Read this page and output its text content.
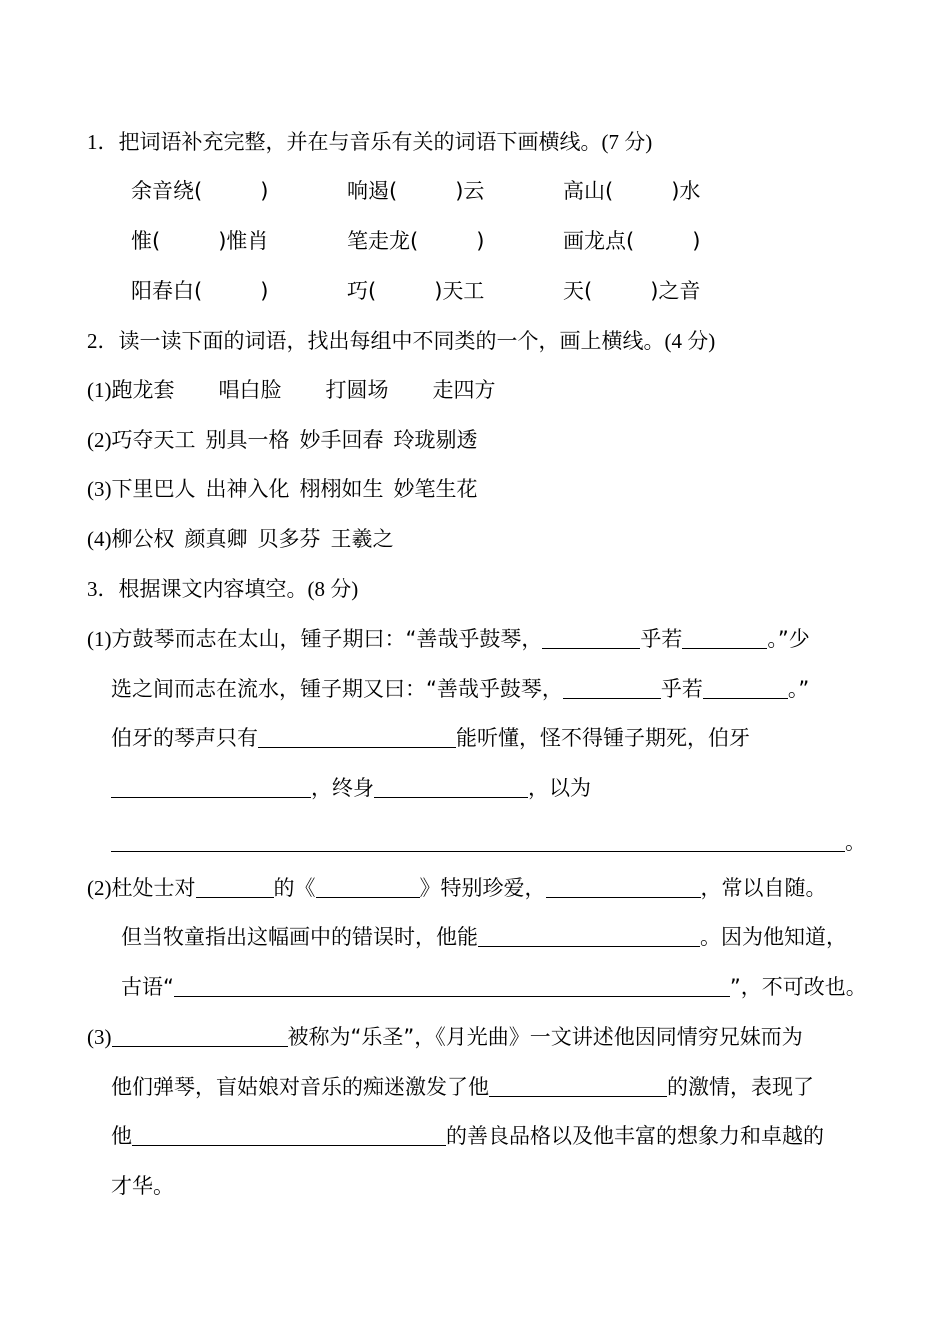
1．把词语补充完整，并在与音乐有关的词语下画横线。(7 分)
余音绕(	)	响遏(	)云	高山(	)水
惟(	)惟肖	笔走龙(	)	画龙点(	)
阳春白(	)	巧(	)天工	天(	)之音
2．读一读下面的词语，找出每组中不同类的一个，画上横线。(4 分)
(1)跑龙套 唱白脸 打圆场 走四方
(2)巧夺天工 别具一格 妙手回春 玲珑剔透
(3)下里巴人 出神入化 栩栩如生 妙笔生花
(4)柳公权 颜真卿 贝多芬 王羲之
3．根据课文内容填空。(8 分)
(1)方鼓琴而志在太山，锺子期曰：“善哉乎鼓琴，	乎若	。”少
选之间而志在流水，锺子期又曰：“善哉乎鼓琴，	乎若	。”
伯牙的琴声只有	能听懂，怪不得锺子期死，伯牙
，终身	，以为
。
(2)杜处士对	的《	》特别珍爱，	，常以自随。
但当牧童指出这幅画中的错误时，他能	。因为他知道，
古语“	”，不可改也。
(3)	被称为“乐圣”，《月光曲》一文讲述他因同情穷兄妹而为
他们弹琴，盲姑娘对音乐的痴迷激发了他	的激情，表现了
他	的善良品格以及他丰富的想象力和卓越的
才华。
